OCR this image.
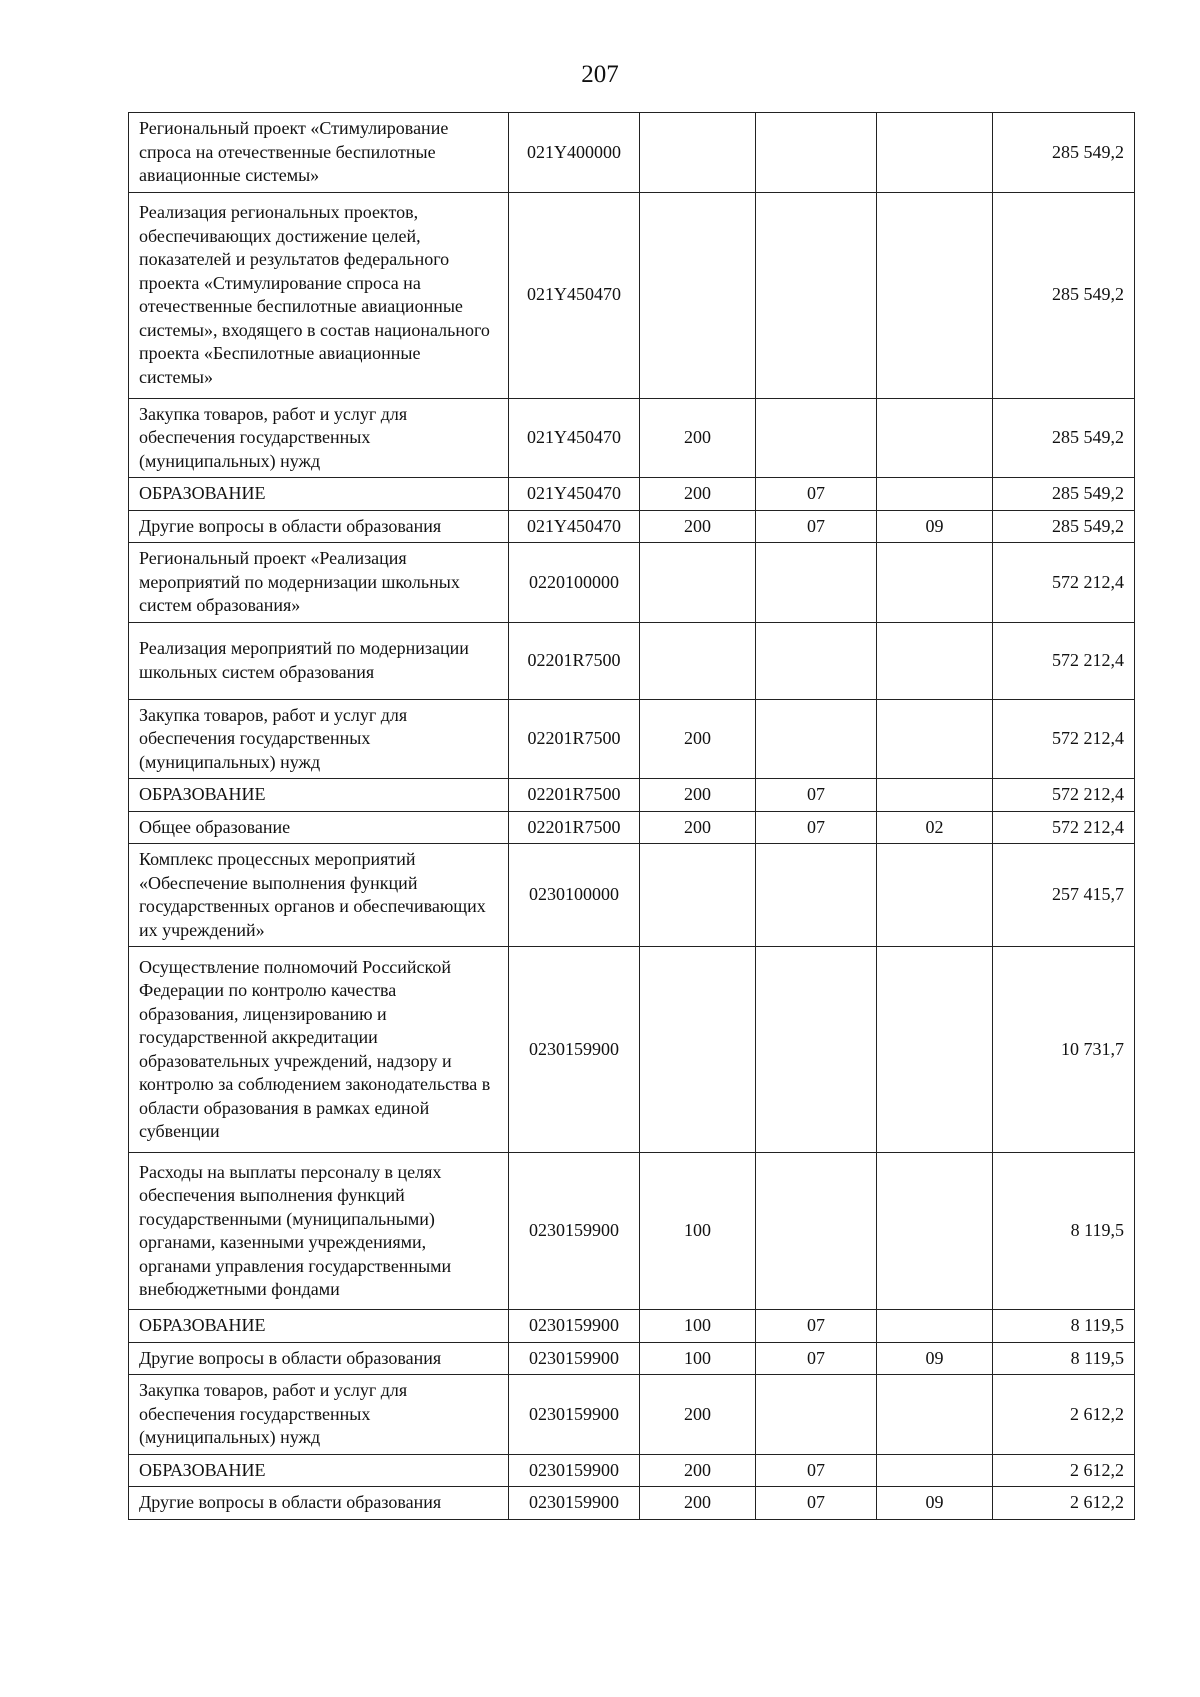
207
Региональный проект «Стимулирование спроса на отечественные беспилотные авиационные системы»	021Y400000				285 549,2
Реализация региональных проектов, обеспечивающих достижение целей, показателей и результатов федерального проекта «Стимулирование спроса на отечественные беспилотные авиационные системы», входящего в состав национального проекта «Беспилотные авиационные системы»	021Y450470				285 549,2
Закупка товаров, работ и услуг для обеспечения государственных (муниципальных) нужд	021Y450470	200			285 549,2
ОБРАЗОВАНИЕ	021Y450470	200	07		285 549,2
Другие вопросы в области образования	021Y450470	200	07	09	285 549,2
Региональный проект «Реализация мероприятий по модернизации школьных систем образования»	0220100000				572 212,4
Реализация мероприятий по модернизации школьных систем образования	02201R7500				572 212,4
Закупка товаров, работ и услуг для обеспечения государственных (муниципальных) нужд	02201R7500	200			572 212,4
ОБРАЗОВАНИЕ	02201R7500	200	07		572 212,4
Общее образование	02201R7500	200	07	02	572 212,4
Комплекс процессных мероприятий «Обеспечение выполнения функций государственных органов и обеспечивающих их учреждений»	0230100000				257 415,7
Осуществление полномочий Российской Федерации по контролю качества образования, лицензированию и государственной аккредитации образовательных учреждений, надзору и контролю за соблюдением законодательства в области образования в рамках единой субвенции	0230159900				10 731,7
Расходы на выплаты персоналу в целях обеспечения выполнения функций государственными (муниципальными) органами, казенными учреждениями, органами управления государственными внебюджетными фондами	0230159900	100			8 119,5
ОБРАЗОВАНИЕ	0230159900	100	07		8 119,5
Другие вопросы в области образования	0230159900	100	07	09	8 119,5
Закупка товаров, работ и услуг для обеспечения государственных (муниципальных) нужд	0230159900	200			2 612,2
ОБРАЗОВАНИЕ	0230159900	200	07		2 612,2
Другие вопросы в области образования	0230159900	200	07	09	2 612,2
